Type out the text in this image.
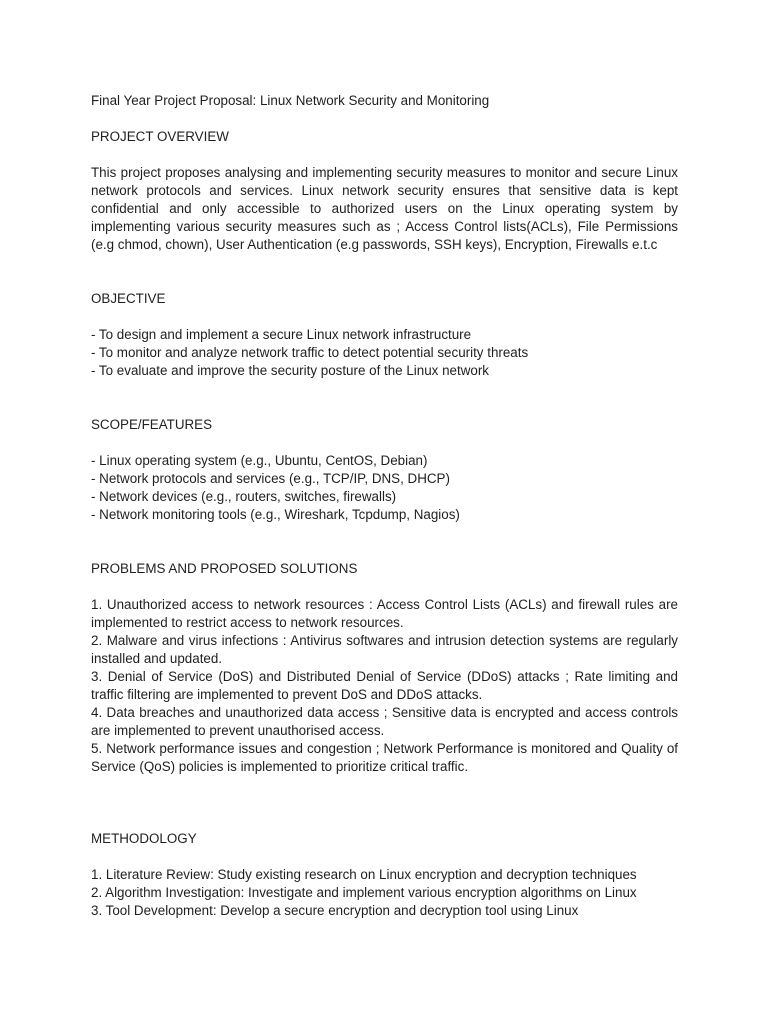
Final Year Project Proposal: Linux Network Security and Monitoring

PROJECT OVERVIEW

This project proposes analysing and implementing security measures to monitor and secure Linux network protocols and services. Linux network security ensures that sensitive data is kept confidential and only accessible to authorized users on the Linux operating system by implementing various security measures such as ; Access Control lists(ACLs), File Permissions (e.g chmod, chown), User Authentication (e.g passwords, SSH keys), Encryption, Firewalls e.t.c

OBJECTIVE

- To design and implement a secure Linux network infrastructure
- To monitor and analyze network traffic to detect potential security threats
- To evaluate and improve the security posture of the Linux network

SCOPE/FEATURES

- Linux operating system (e.g., Ubuntu, CentOS, Debian)
- Network protocols and services (e.g., TCP/IP, DNS, DHCP)
- Network devices (e.g., routers, switches, firewalls)
- Network monitoring tools (e.g., Wireshark, Tcpdump, Nagios)

PROBLEMS AND PROPOSED SOLUTIONS

1. Unauthorized access to network resources : Access Control Lists (ACLs) and firewall rules are implemented to restrict access to network resources.
2. Malware and virus infections : Antivirus softwares and intrusion detection systems are regularly installed and updated.
3. Denial of Service (DoS) and Distributed Denial of Service (DDoS) attacks ; Rate limiting and traffic filtering are implemented to prevent DoS and DDoS attacks.
4. Data breaches and unauthorized data access ; Sensitive data is encrypted and access controls are implemented to prevent unauthorised access.
5. Network performance issues and congestion ; Network Performance is monitored and Quality of Service (QoS) policies is implemented to prioritize critical traffic.

METHODOLOGY

1. Literature Review: Study existing research on Linux encryption and decryption techniques
2. Algorithm Investigation: Investigate and implement various encryption algorithms on Linux
3. Tool Development: Develop a secure encryption and decryption tool using Linux
